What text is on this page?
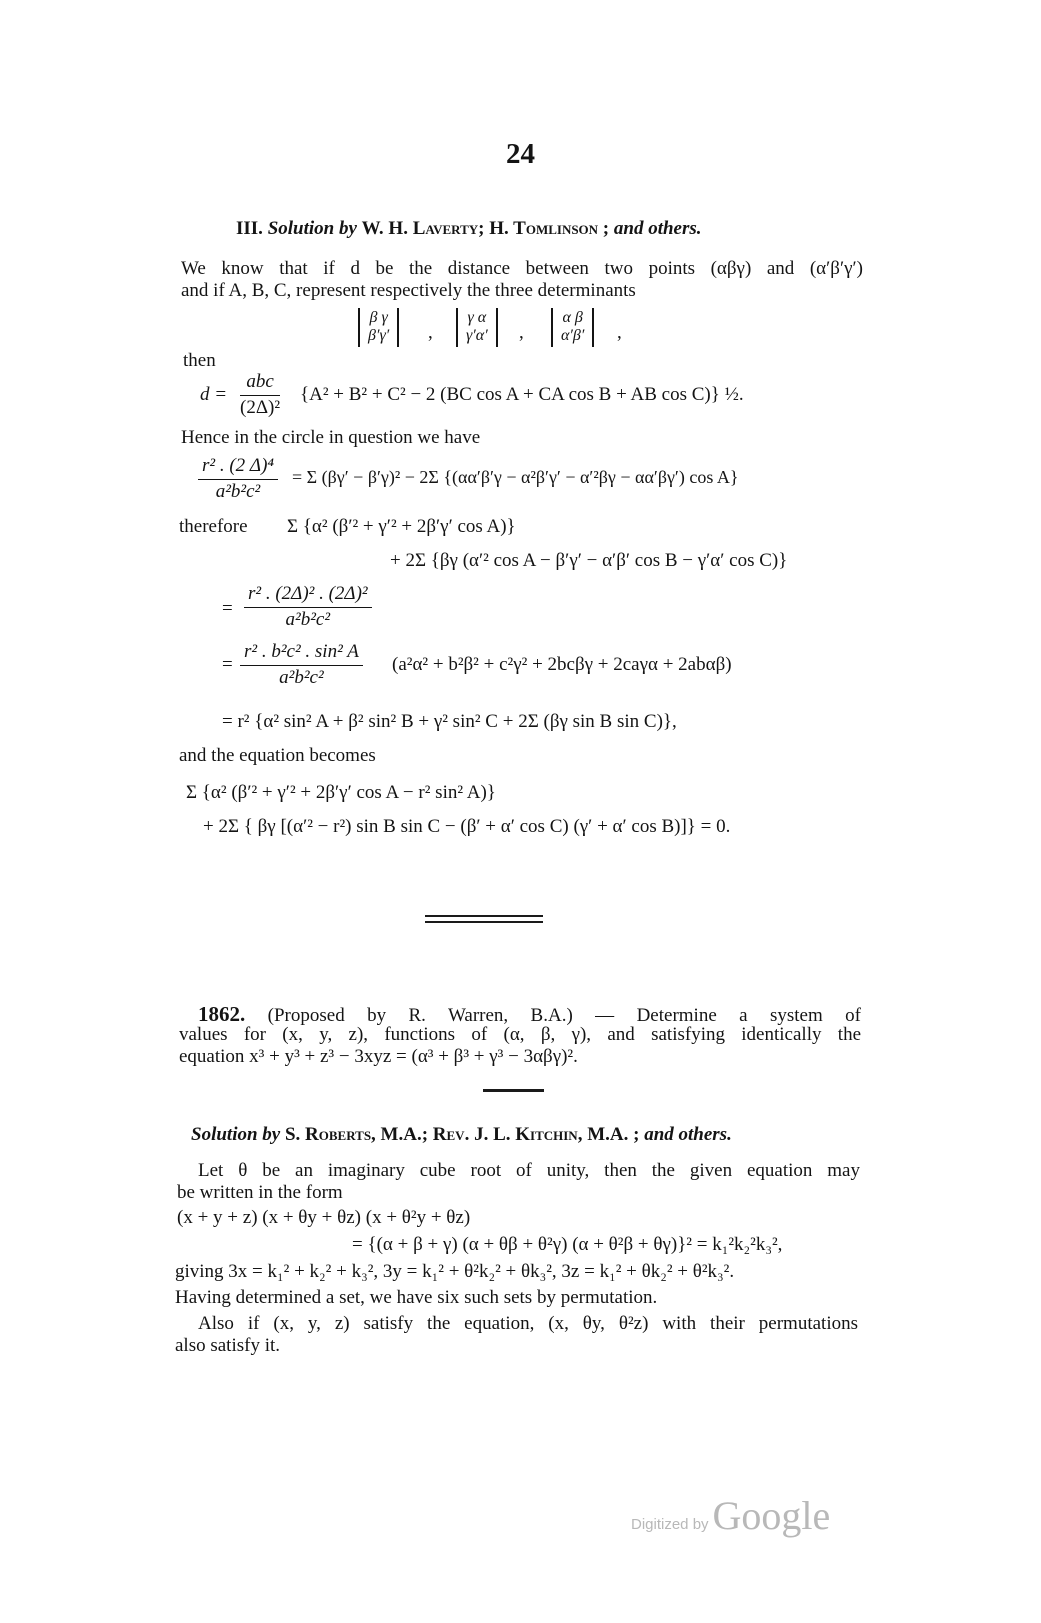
24
III. Solution by W. H. Laverty; H. Tomlinson ; and others.
We know that if d be the distance between two points (αβγ) and (α′β′γ′)
and if A, B, C, represent respectively the three determinants
β γ
β′γ′ ,
γ α
γ′α′ ,
α β
α′β′ ,
then
d =
abc
(2Δ)²
{A² + B² + C² − 2 (BC cos A + CA cos B + AB cos C)} ½.
Hence in the circle in question we have
$\frac{\text{r² . (2 Δ)⁴}}{\text{a²b²c²}} = \Sigma$ (βγ′ − β′γ)² − 2Σ {(αα′β′γ − α²β′γ′ − α′²βγ − αα′βγ′) cos A}
therefore Σ {α² (β′² + γ′² + 2β′γ′ cos A)}
+ 2Σ {βγ (α′² cos A − β′γ′ − α′β′ cos B − γ′α′ cos C)}
= $\frac{\text{r² . (2Δ)² . (2Δ)²}}{\text{a²b²c²}}$
= $\frac{\text{r² . b²c² . sin² A}}{\text{a²b²c²}} (a^2\alpha^2 + b^2\beta^2 + c^2\gamma^2 + 2bc\beta\gamma + 2ca\gamma\alpha + 2ab\alpha\beta)$
= r² {α² sin² A + β² sin² B + γ² sin² C + 2Σ (βγ sin B sin C)},
and the equation becomes
Σ {α² (β′² + γ′² + 2β′γ′ cos A − r² sin² A)}
+ 2Σ { βγ [(α′² − r²) sin B sin C − (β′ + α′ cos C) (γ′ + α′ cos B)]} = 0.
1862. (Proposed by R. Warren, B.A.) — Determine a system of
values for (x, y, z), functions of (α, β, γ), and satisfying identically the
equation x³ + y³ + z³ − 3xyz = (α³ + β³ + γ³ − 3αβγ)².
Solution by S. Roberts, M.A.; Rev. J. L. Kitchin, M.A. ; and others.
Let θ be an imaginary cube root of unity, then the given equation may
be written in the form
(x + y + z) (x + θy + θz) (x + θ²y + θz)
= {(α + β + γ) (α + θβ + θ²γ) (α + θ²β + θγ)}² = k₁²k₂²k₃²,
giving 3x = k₁² + k₂² + k₃², 3y = k₁² + θ²k₂² + θk₃², 3z = k₁² + θk₂² + θ²k₃².
Having determined a set, we have six such sets by permutation.
Also if (x, y, z) satisfy the equation, (x, θy, θ²z) with their permutations
also satisfy it.
Digitized by Google
